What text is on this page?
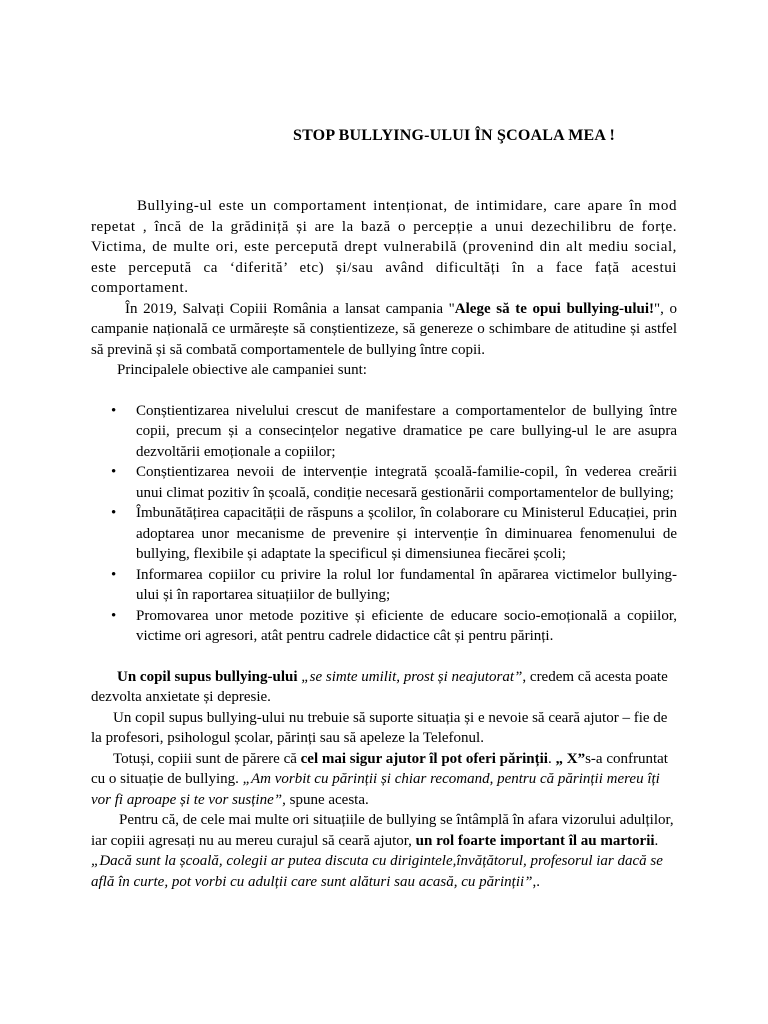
STOP BULLYING-ULUI ÎN ŞCOALA MEA !

Bullying-ul este un comportament intenționat, de intimidare, care apare în mod repetat , încă de la grădiniță și are la bază o percepție a unui dezechilibru de forțe. Victima, de multe ori, este percepută drept vulnerabilă (provenind din alt mediu social, este percepută ca ‘diferită’ etc) și/sau având dificultăți în a face față acestui comportament.

În 2019, Salvați Copiii România a lansat campania "Alege să te opui bullying-ului!", o campanie națională ce urmărește să conștientizeze, să genereze o schimbare de atitudine și astfel să prevină și să combată comportamentele de bullying între copii.

Principalele obiective ale campaniei sunt:

• Conștientizarea nivelului crescut de manifestare a comportamentelor de bullying între copii, precum și a consecințelor negative dramatice pe care bullying-ul le are asupra dezvoltării emoționale a copiilor;
• Conștientizarea nevoii de intervenție integrată școală-familie-copil, în vederea creării unui climat pozitiv în școală, condiție necesară gestionării comportamentelor de bullying;
• Îmbunătățirea capacității de răspuns a școlilor, în colaborare cu Ministerul Educației, prin adoptarea unor mecanisme de prevenire și intervenție în diminuarea fenomenului de bullying, flexibile și adaptate la specificul și dimensiunea fiecărei școli;
• Informarea copiilor cu privire la rolul lor fundamental în apărarea victimelor bullying-ului și în raportarea situațiilor de bullying;
• Promovarea unor metode pozitive și eficiente de educare socio-emoțională a copiilor, victime ori agresori, atât pentru cadrele didactice cât și pentru părinți.

Un copil supus bullying-ului „se simte umilit, prost și neajutorat”, credem că acesta poate dezvolta anxietate și depresie.

Un copil supus bullying-ului nu trebuie să suporte situația și e nevoie să ceară ajutor – fie de la profesori, psihologul școlar, părinți sau să apeleze la Telefonul.

Totuși, copiii sunt de părere că cel mai sigur ajutor îl pot oferi părinții. „ X”s-a confruntat cu o situație de bullying. „Am vorbit cu părinții și chiar recomand, pentru că părinții mereu îți vor fi aproape și te vor susține”, spune acesta.

Pentru că, de cele mai multe ori situațiile de bullying se întâmplă în afara vizorului adulților, iar copiii agresați nu au mereu curajul să ceară ajutor, un rol foarte important îl au martorii.

„Dacă sunt la școală, colegii ar putea discuta cu dirigintele,învățătorul, profesorul iar dacă se află în curte, pot vorbi cu adulții care sunt alături sau acasă, cu părinții”,.
